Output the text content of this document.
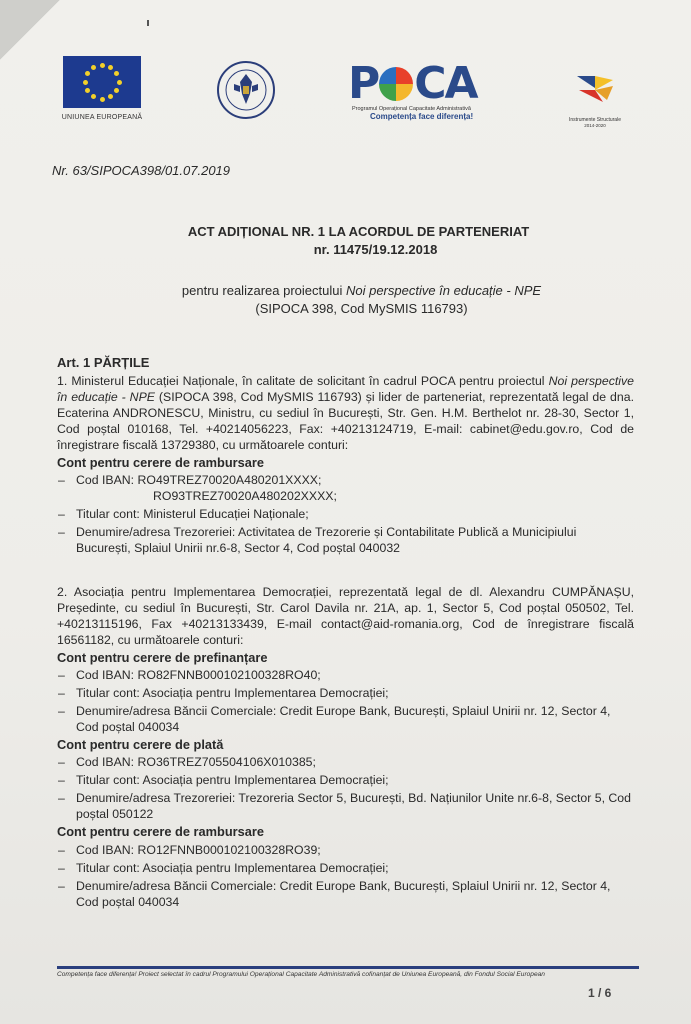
UNIUNEA EUROPEANĂ
P CA
Programul Operațional Capacitate Administrativă
Competența face diferența!	Instrumente Structurale
2014-2020
Nr. 63/SIPOCA398/01.07.2019
ACT ADIȚIONAL NR. 1 LA ACORDUL DE PARTENERIAT
nr. 11475/19.12.2018
pentru realizarea proiectului Noi perspective în educație - NPE
(SIPOCA 398, Cod MySMIS 116793)
Art. 1 PĂRȚILE
1. Ministerul Educației Naționale, în calitate de solicitant în cadrul POCA pentru proiectul Noi perspective în educație - NPE (SIPOCA 398, Cod MySMIS 116793) și lider de parteneriat, reprezentată legal de dna. Ecaterina ANDRONESCU, Ministru, cu sediul în București, Str. Gen. H.M. Berthelot nr. 28-30, Sector 1, Cod poștal 010168, Tel. +40214056223, Fax: +40213124719, E-mail: cabinet@edu.gov.ro, Cod de înregistrare fiscală 13729380, cu următoarele conturi:
Cont pentru cerere de rambursare
– Cod IBAN: RO49TREZ70020A480201XXXX;
RO93TREZ70020A480202XXXX;
– Titular cont: Ministerul Educației Naționale;
– Denumire/adresa Trezoreriei: Activitatea de Trezorerie și Contabilitate Publică a Municipiului București, Splaiul Unirii nr.6-8, Sector 4, Cod poștal 040032
2. Asociația pentru Implementarea Democrației, reprezentată legal de dl. Alexandru CUMPĂNAȘU, Președinte, cu sediul în București, Str. Carol Davila nr. 21A, ap. 1, Sector 5, Cod poștal 050502, Tel. +40213115196, Fax +40213133439, E-mail contact@aid-romania.org, Cod de înregistrare fiscală 16561182, cu următoarele conturi:
Cont pentru cerere de prefinanțare
– Cod IBAN: RO82FNNB000102100328RO40;
– Titular cont: Asociația pentru Implementarea Democrației;
– Denumire/adresa Băncii Comerciale: Credit Europe Bank, București, Splaiul Unirii nr. 12, Sector 4, Cod poștal 040034
Cont pentru cerere de plată
– Cod IBAN: RO36TREZ705504106X010385;
– Titular cont: Asociația pentru Implementarea Democrației;
– Denumire/adresa Trezoreriei: Trezoreria Sector 5, București, Bd. Națiunilor Unite nr.6-8, Sector 5, Cod poștal 050122
Cont pentru cerere de rambursare
– Cod IBAN: RO12FNNB000102100328RO39;
– Titular cont: Asociația pentru Implementarea Democrației;
– Denumire/adresa Băncii Comerciale: Credit Europe Bank, București, Splaiul Unirii nr. 12, Sector 4, Cod poștal 040034
Competența face diferența! Proiect selectat în cadrul Programului Operațional Capacitate Administrativă cofinanțat de Uniunea Europeană, din Fondul Social European
1 / 6
